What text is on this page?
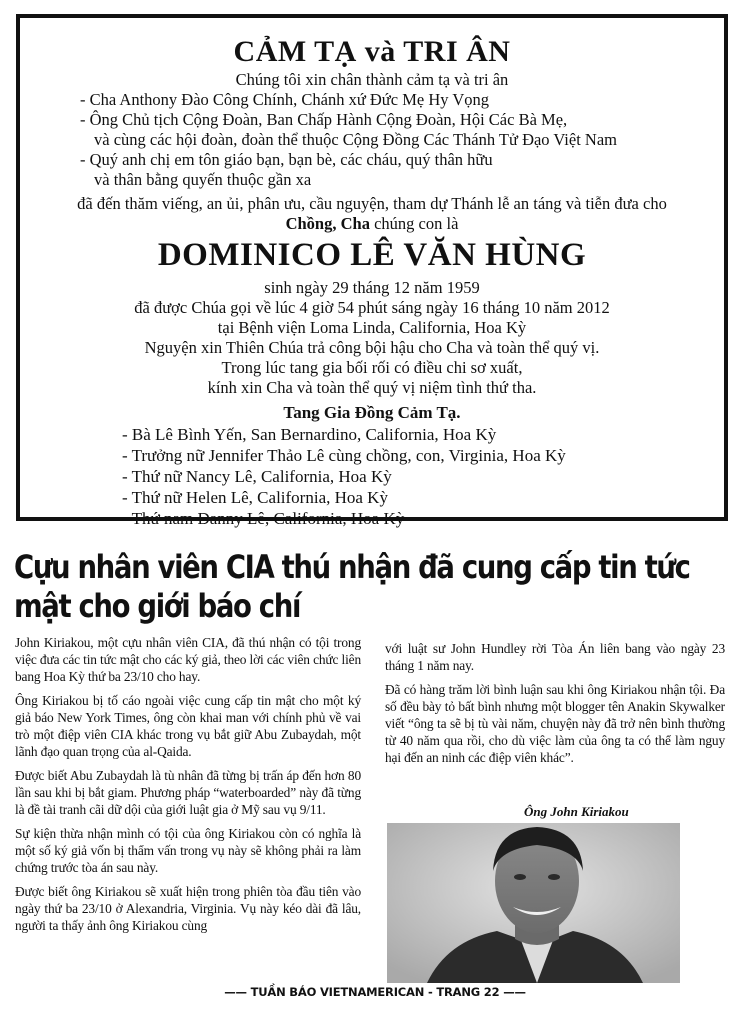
CẢM TẠ và TRI ÂN
Chúng tôi xin chân thành cảm tạ và tri ân
- Cha Anthony Đào Công Chính, Chánh xứ Đức Mẹ Hy Vọng
- Ông Chủ tịch Cộng Đoàn, Ban Chấp Hành Cộng Đoàn, Hội Các Bà Mẹ,
và cùng các hội đoàn, đoàn thể thuộc Cộng Đồng Các Thánh Tử Đạo Việt Nam
- Quý anh chị em tôn giáo bạn, bạn bè, các cháu, quý thân hữu
và thân bằng quyến thuộc gần xa
đã đến thăm viếng, an ủi, phân ưu, cầu nguyện, tham dự Thánh lễ an táng và tiễn đưa cho
Chồng, Cha chúng con là
DOMINICO LÊ VĂN HÙNG
sinh ngày 29 tháng 12 năm 1959
đã được Chúa gọi về lúc 4 giờ 54 phút sáng ngày 16 tháng 10 năm 2012
tại Bệnh viện Loma Linda, California, Hoa Kỳ
Nguyện xin Thiên Chúa trả công bội hậu cho Cha và toàn thể quý vị.
Trong lúc tang gia bối rối có điều chi sơ xuất,
kính xin Cha và toàn thể quý vị niệm tình thứ tha.
Tang Gia Đồng Cảm Tạ.
- Bà Lê Bình Yến, San Bernardino, California, Hoa Kỳ
- Trưởng nữ Jennifer Thảo Lê cùng chồng, con, Virginia, Hoa Kỳ
- Thứ nữ Nancy Lê, California, Hoa Kỳ
- Thứ nữ Helen Lê, California, Hoa Kỳ
- Thứ nam Danny Lê, California, Hoa Kỳ
Cựu nhân viên CIA thú nhận đã cung cấp tin tức
mật cho giới báo chí

John Kiriakou, một cựu nhân viên CIA, đã thú nhận có tội trong việc đưa các tin tức mật cho các ký giả, theo lời các viên chức liên bang Hoa Kỳ thứ ba 23/10 cho hay.

Ông Kiriakou bị tố cáo ngoài việc cung cấp tin mật cho một ký giả báo New York Times, ông còn khai man với chính phủ về vai trò một điệp viên CIA khác trong vụ bắt giữ Abu Zubaydah, một lãnh đạo quan trọng của al-Qaida.

Được biết Abu Zubaydah là tù nhân đã từng bị trấn áp đến hơn 80 lần sau khi bị bắt giam. Phương pháp “waterboarded” này đã từng là đề tài tranh cãi dữ dội của giới luật gia ở Mỹ sau vụ 9/11.

Sự kiện thừa nhận mình có tội của ông Kiriakou còn có nghĩa là một số ký giả vốn bị thẩm vấn trong vụ này sẽ không phải ra làm chứng trước tòa án sau này.

Được biết ông Kiriakou sẽ xuất hiện trong phiên tòa đầu tiên vào ngày thứ ba 23/10 ở Alexandria, Virginia. Vụ này kéo dài đã lâu, người ta thấy ảnh ông Kiriakou cùng

với luật sư John Hundley rời Tòa Án liên bang vào ngày 23 tháng 1 năm nay.

Đã có hàng trăm lời bình luận sau khi ông Kiriakou nhận tội. Đa số đều bày tỏ bất bình nhưng một blogger tên Anakin Skywalker viết “ông ta sẽ bị tù vài năm, chuyện này đã trở nên bình thường từ 40 năm qua rồi, cho dù việc làm của ông ta có thể làm nguy hại đến an ninh các điệp viên khác”.

Ông John Kiriakou
—— TUẦN BÁO VIETNAMERICAN - TRANG 22 ——
